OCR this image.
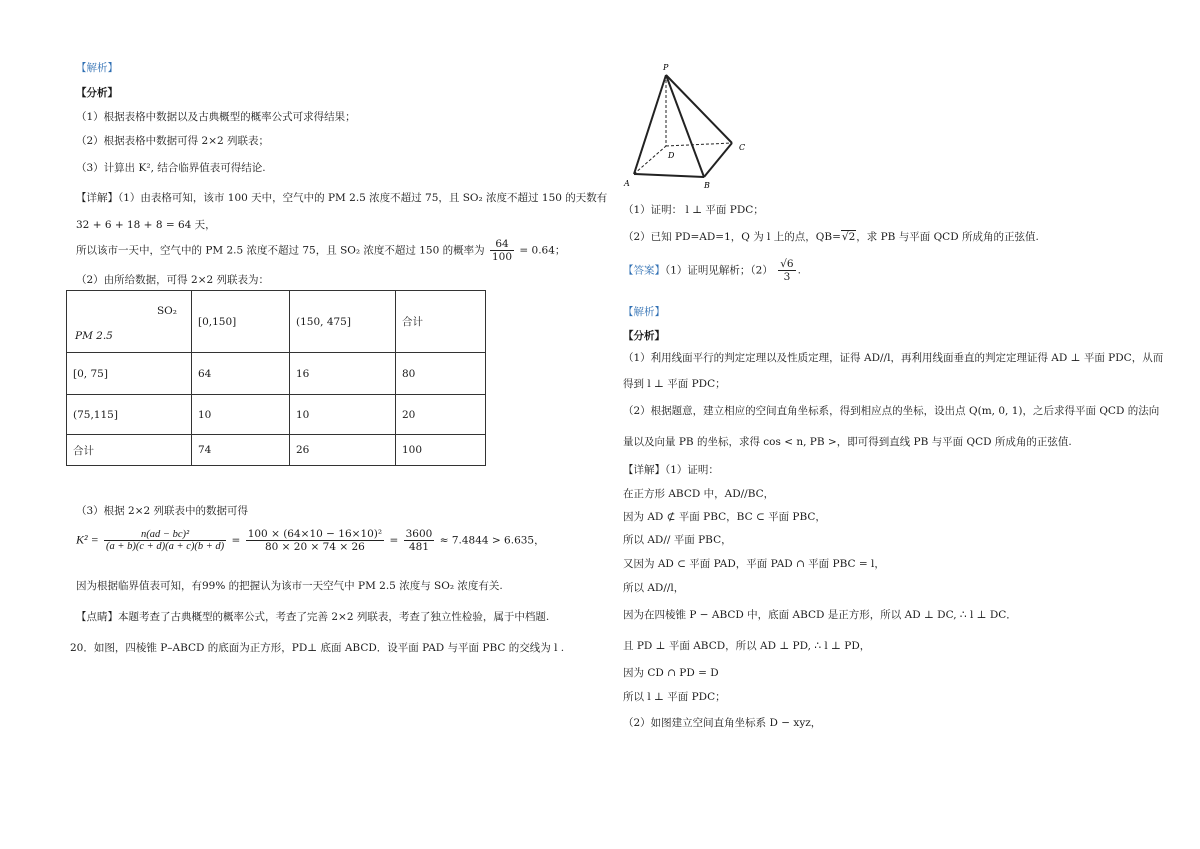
【解析】
【分析】
（1）根据表格中数据以及古典概型的概率公式可求得结果；
（2）根据表格中数据可得 2×2 列联表；
（3）计算出 K², 结合临界值表可得结论.
【详解】（1）由表格可知，该市 100 天中，空气中的 PM 2.5 浓度不超过 75，且 SO₂ 浓度不超过 150 的天数有
32 + 6 + 18 + 8 = 64 天，
所以该市一天中，空气中的 PM 2.5 浓度不超过 75，且 SO₂ 浓度不超过 150 的概率为 $\frac{64}{100} = 0.64$；
（2）由所给数据，可得 2×2 列联表为：
SO₂
PM 2.5	[0,150]	(150, 475]	合计
[0, 75]	64	16	80
(75,115]	10	10	20
合计	74	26	100
（3）根据 2×2 列联表中的数据可得
$K^2 = \frac{\text{n(ad − bc)²}}{(a + b)(c + d)(a + c)(b + d)} = \frac{\text{100 × (64×10 − 16×10)²}}{80 \times 20 \times 74 \times 26} = \frac{3600}{481} \approx 7.4844 > 6.635$，
因为根据临界值表可知，有99% 的把握认为该市一天空气中 PM 2.5 浓度与 SO₂ 浓度有关.
【点睛】本题考查了古典概型的概率公式，考查了完善 2×2 列联表，考查了独立性检验，属于中档题.
20．如图，四棱锥 P–ABCD 的底面为正方形，PD⊥ 底面 ABCD．设平面 PAD 与平面 PBC 的交线为 l .
P
A	B
C
D
（1）证明： l ⊥ 平面 PDC；
（2）已知 PD=AD=1，Q 为 l 上的点，QB=√2，求 PB 与平面 QCD 所成角的正弦值.
【答案】（1）证明见解析；$(2) \frac{√6}{3}$ .
【解析】
【分析】
（1）利用线面平行的判定定理以及性质定理，证得 AD//l，再利用线面垂直的判定定理证得 AD ⊥ 平面 PDC，从而
得到 l ⊥ 平面 PDC；
（2）根据题意，建立相应的空间直角坐标系，得到相应点的坐标，设出点 Q(m, 0, 1)，之后求得平面 QCD 的法向
量以及向量 PB 的坐标，求得 cos < n, PB >，即可得到直线 PB 与平面 QCD 所成角的正弦值.
【详解】（1）证明：
在正方形 ABCD 中，AD//BC，
因为 AD ⊄ 平面 PBC，BC ⊂ 平面 PBC，
所以 AD// 平面 PBC，
又因为 AD ⊂ 平面 PAD，平面 PAD ∩ 平面 PBC = l，
所以 AD//l，
因为在四棱锥 P − ABCD 中，底面 ABCD 是正方形，所以 AD ⊥ DC, ∴ l ⊥ DC．
且 PD ⊥ 平面 ABCD，所以 AD ⊥ PD, ∴ l ⊥ PD，
因为 CD ∩ PD = D
所以 l ⊥ 平面 PDC；
（2）如图建立空间直角坐标系 D − xyz，
